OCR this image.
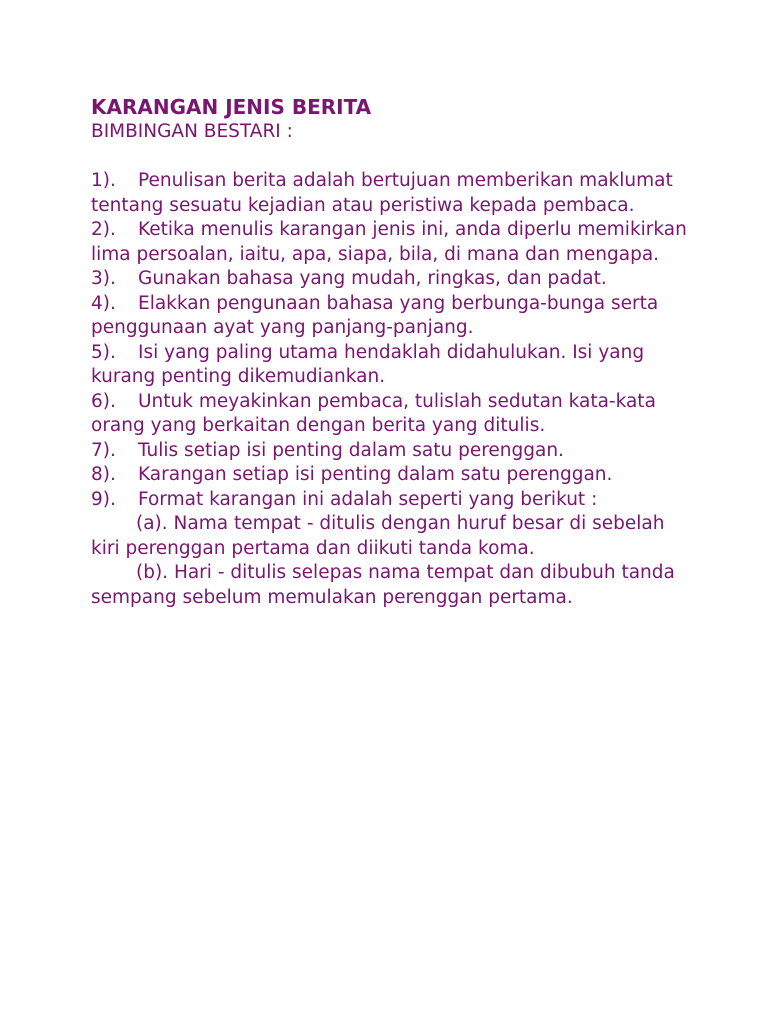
KARANGAN JENIS BERITA

BIMBINGAN BESTARI :

1). Penulisan berita adalah bertujuan memberikan maklumat tentang sesuatu kejadian atau peristiwa kepada pembaca.

2). Ketika menulis karangan jenis ini, anda diperlu memikirkan lima persoalan, iaitu, apa, siapa, bila, di mana dan mengapa.

3). Gunakan bahasa yang mudah, ringkas, dan padat.

4). Elakkan pengunaan bahasa yang berbunga-bunga serta penggunaan ayat yang panjang-panjang.

5). Isi yang paling utama hendaklah didahulukan. Isi yang kurang penting dikemudiankan.

6). Untuk meyakinkan pembaca, tulislah sedutan kata-kata orang yang berkaitan dengan berita yang ditulis.

7). Tulis setiap isi penting dalam satu perenggan.

8). Karangan setiap isi penting dalam satu perenggan.

9). Format karangan ini adalah seperti yang berikut :

(a). Nama tempat - ditulis dengan huruf besar di sebelah kiri perenggan pertama dan diikuti tanda koma.

(b). Hari - ditulis selepas nama tempat dan dibubuh tanda sempang sebelum memulakan perenggan pertama.
